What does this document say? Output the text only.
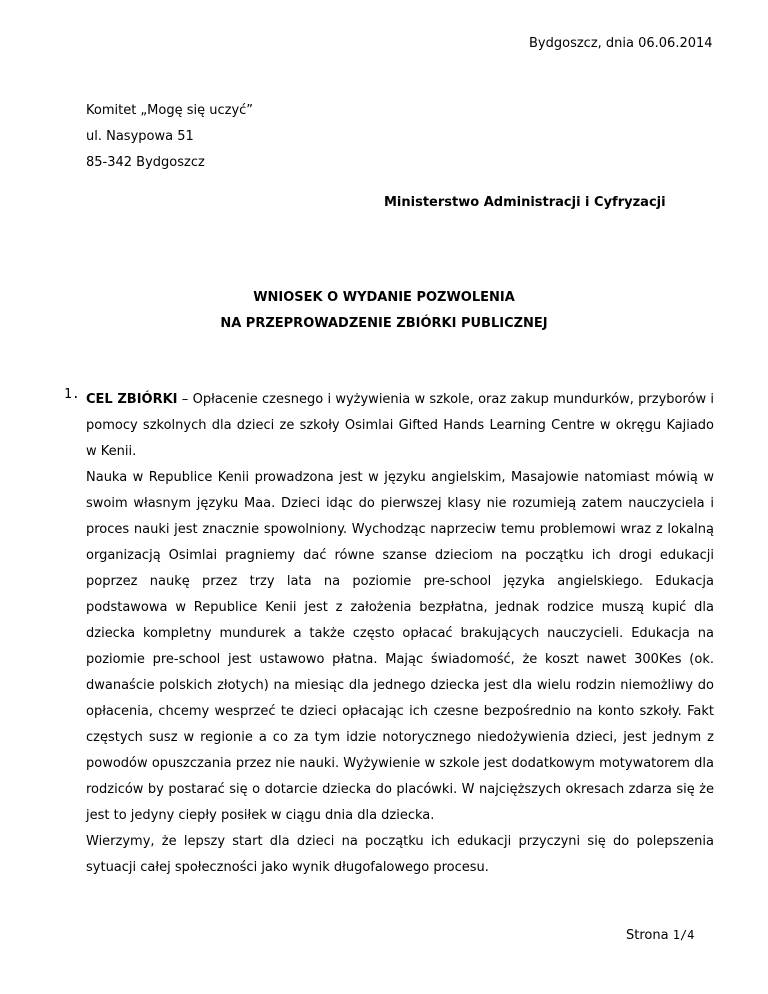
Bydgoszcz, dnia 06.06.2014
Komitet „Mogę się uczyć”
ul. Nasypowa 51
85-342 Bydgoszcz
Ministerstwo Administracji i Cyfryzacji
WNIOSEK O WYDANIE POZWOLENIA
NA PRZEPROWADZENIE ZBIÓRKI PUBLICZNEJ
1. CEL ZBIÓRKI – Opłacenie czesnego i wyżywienia w szkole, oraz zakup mundurków, przyborów i pomocy szkolnych dla dzieci ze szkoły Osimlai Gifted Hands Learning Centre w okręgu Kajiado w Kenii.

Nauka w Republice Kenii prowadzona jest w języku angielskim, Masajowie natomiast mówią w swoim własnym języku Maa. Dzieci idąc do pierwszej klasy nie rozumieją zatem nauczyciela i proces nauki jest znacznie spowolniony. Wychodząc naprzeciw temu problemowi wraz z lokalną organizacją Osimlai pragniemy dać równe szanse dzieciom na początku ich drogi edukacji poprzez naukę przez trzy lata na poziomie pre-school języka angielskiego. Edukacja podstawowa w Republice Kenii jest z założenia bezpłatna, jednak rodzice muszą kupić dla dziecka kompletny mundurek a także często opłacać brakujących nauczycieli. Edukacja na poziomie pre-school jest ustawowo płatna. Mając świadomość, że koszt nawet 300Kes (ok. dwanaście polskich złotych) na miesiąc dla jednego dziecka jest dla wielu rodzin niemożliwy do opłacenia, chcemy wesprzeć te dzieci opłacając ich czesne bezpośrednio na konto szkoły. Fakt częstych susz w regionie a co za tym idzie notorycznego niedożywienia dzieci, jest jednym z powodów opuszczania przez nie nauki. Wyżywienie w szkole jest dodatkowym motywatorem dla rodziców by postarać się o dotarcie dziecka do placówki. W najcięższych okresach zdarza się że jest to jedyny ciepły posiłek w ciągu dnia dla dziecka.

Wierzymy, że lepszy start dla dzieci na początku ich edukacji przyczyni się do polepszenia sytuacji całej społeczności jako wynik długofalowego procesu.

Strona 1/4
